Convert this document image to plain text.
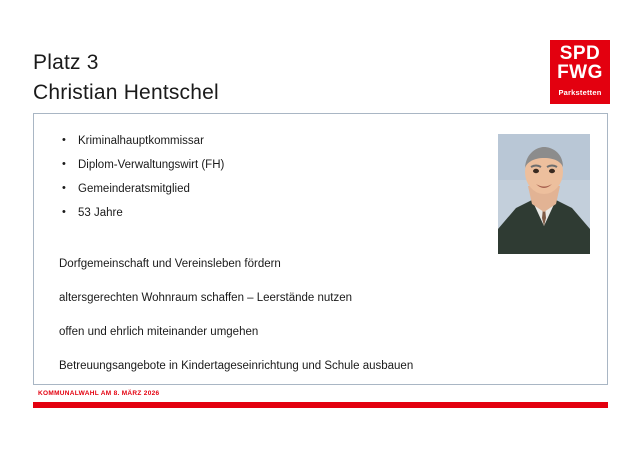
Platz 3
Christian Hentschel
SPD
FWG
Parkstetten
• Kriminalhauptkommissar
• Diplom-Verwaltungswirt (FH)
• Gemeinderatsmitglied
• 53 Jahre
Dorfgemeinschaft und Vereinsleben fördern
altersgerechten Wohnraum schaffen – Leerstände nutzen
offen und ehrlich miteinander umgehen
Betreuungsangebote in Kindertageseinrichtung und Schule ausbauen
KOMMUNALWAHL AM 8. MÄRZ 2026
